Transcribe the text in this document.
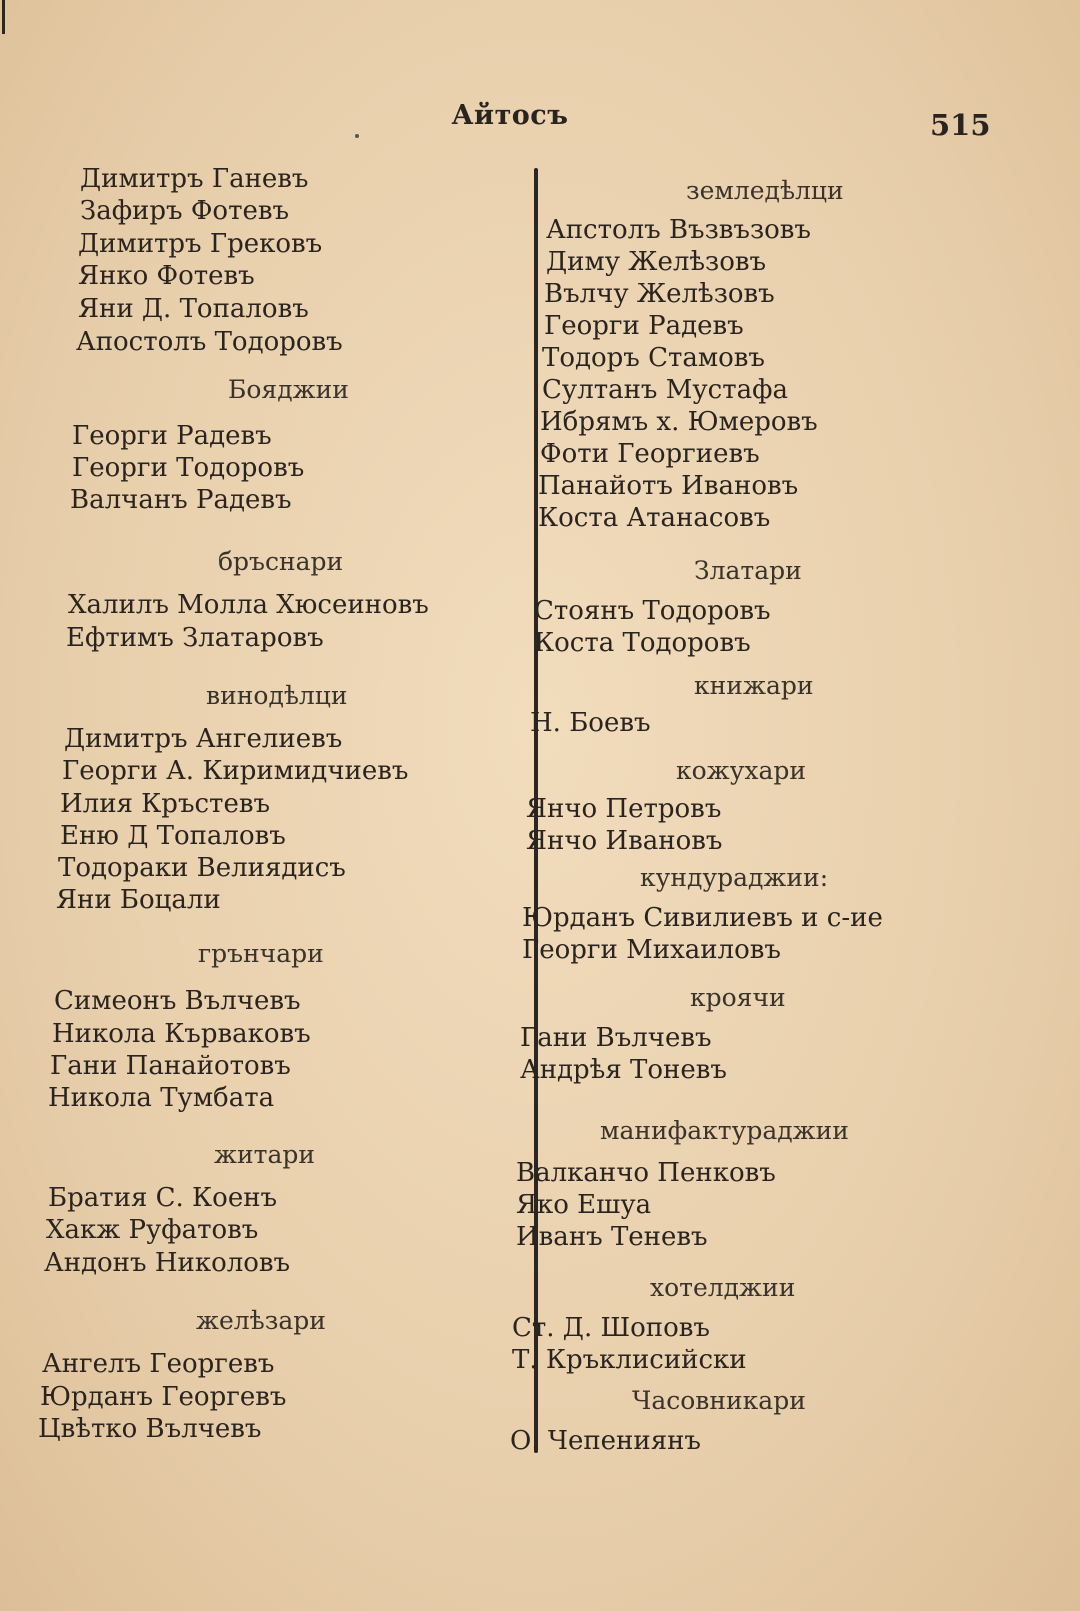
Айтосъ	515
Димитръ Ганевъ
Зафиръ Фотевъ
Димитръ Грековъ
Янко Фотевъ
Яни Д. Топаловъ
Апостолъ Тодоровъ
Бояджии
Георги Радевъ
Георги Тодоровъ
Валчанъ Радевъ
бръснари
Халилъ Молла Хюсеиновъ
Ефтимъ Златаровъ
винодѣлци
Димитръ Ангелиевъ
Георги А. Киримидчиевъ
Илия Кръстевъ
Еню Д Топаловъ
Тодораки Велиядисъ
Яни Боцали
грънчари
Симеонъ Вълчевъ
Никола Кърваковъ
Гани Панайотовъ
Никола Тумбата
житари
Братия С. Коенъ
Хакж Руфатовъ
Андонъ Николовъ
желѣзари
Ангелъ Георгевъ
Юрданъ Георгевъ
Цвѣтко Вълчевъ
земледѣлци
Апстолъ Възвъзовъ
Диму Желѣзовъ
Вълчу Желѣзовъ
Георги Радевъ
Тодоръ Стамовъ
Султанъ Мустафа
Ибрямъ х. Юмеровъ
Фоти Георгиевъ
Панайотъ Ивановъ
Коста Атанасовъ
Златари
Стоянъ Тодоровъ
Коста Тодоровъ
книжари
Н. Боевъ
кожухари
Янчо Петровъ
Янчо Ивановъ
кундураджии:
Юрданъ Сивилиевъ и с-ие
Георги Михаиловъ
кроячи
Гани Вълчевъ
Андрѣя Тоневъ
манифактураджии
Валканчо Пенковъ
Яко Ешуа
Иванъ Теневъ
хотелджии
Ст. Д. Шоповъ
Т. Кръклисийски
Часовникари
О. Чепениянъ
